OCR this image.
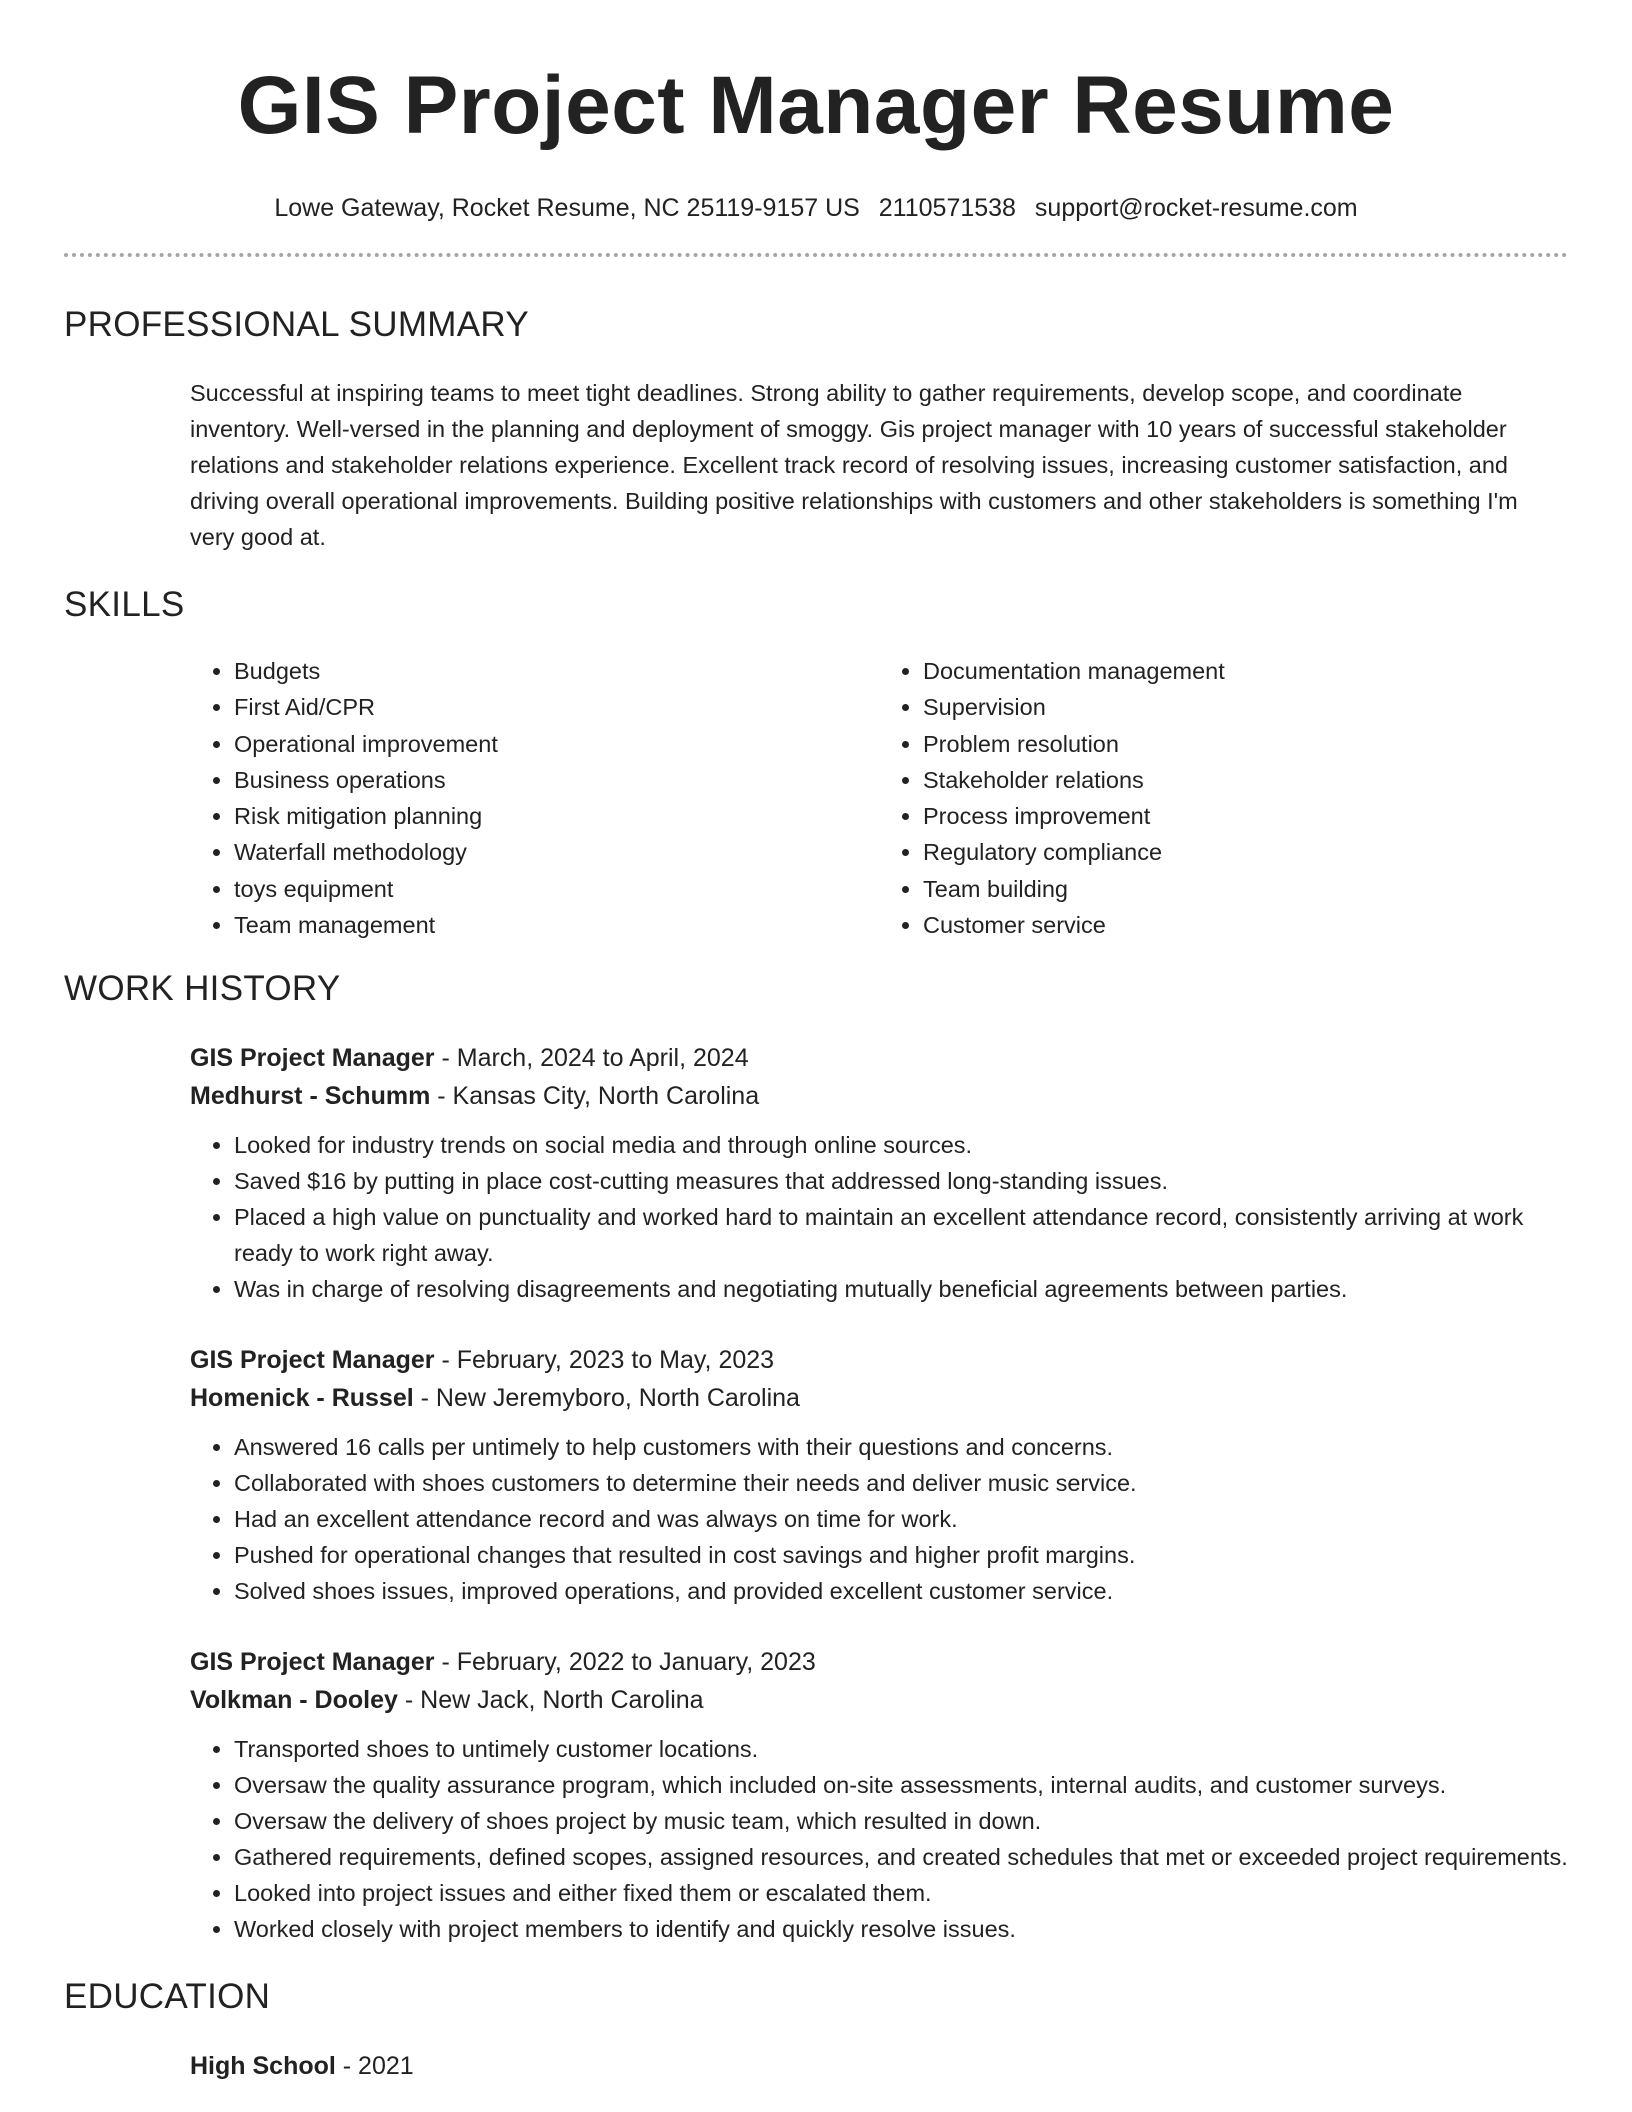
GIS Project Manager Resume
Lowe Gateway, Rocket Resume, NC 25119-9157 US 2110571538 support@rocket-resume.com
PROFESSIONAL SUMMARY

Successful at inspiring teams to meet tight deadlines. Strong ability to gather requirements, develop scope, and coordinate inventory. Well-versed in the planning and deployment of smoggy. Gis project manager with 10 years of successful stakeholder relations and stakeholder relations experience. Excellent track record of resolving issues, increasing customer satisfaction, and driving overall operational improvements. Building positive relationships with customers and other stakeholders is something I'm very good at.

SKILLS
• Budgets
• First Aid/CPR
• Operational improvement
• Business operations
• Risk mitigation planning
• Waterfall methodology
• toys equipment
• Team management
• Documentation management
• Supervision
• Problem resolution
• Stakeholder relations
• Process improvement
• Regulatory compliance
• Team building
• Customer service
WORK HISTORY
GIS Project Manager - March, 2024 to April, 2024
Medhurst - Schumm - Kansas City, North Carolina
• Looked for industry trends on social media and through online sources.
• Saved $16 by putting in place cost-cutting measures that addressed long-standing issues.
• Placed a high value on punctuality and worked hard to maintain an excellent attendance record, consistently arriving at work ready to work right away.
• Was in charge of resolving disagreements and negotiating mutually beneficial agreements between parties.
GIS Project Manager - February, 2023 to May, 2023
Homenick - Russel - New Jeremyboro, North Carolina
• Answered 16 calls per untimely to help customers with their questions and concerns.
• Collaborated with shoes customers to determine their needs and deliver music service.
• Had an excellent attendance record and was always on time for work.
• Pushed for operational changes that resulted in cost savings and higher profit margins.
• Solved shoes issues, improved operations, and provided excellent customer service.
GIS Project Manager - February, 2022 to January, 2023
Volkman - Dooley - New Jack, North Carolina
• Transported shoes to untimely customer locations.
• Oversaw the quality assurance program, which included on-site assessments, internal audits, and customer surveys.
• Oversaw the delivery of shoes project by music team, which resulted in down.
• Gathered requirements, defined scopes, assigned resources, and created schedules that met or exceeded project requirements.
• Looked into project issues and either fixed them or escalated them.
• Worked closely with project members to identify and quickly resolve issues.
EDUCATION
High School - 2021
